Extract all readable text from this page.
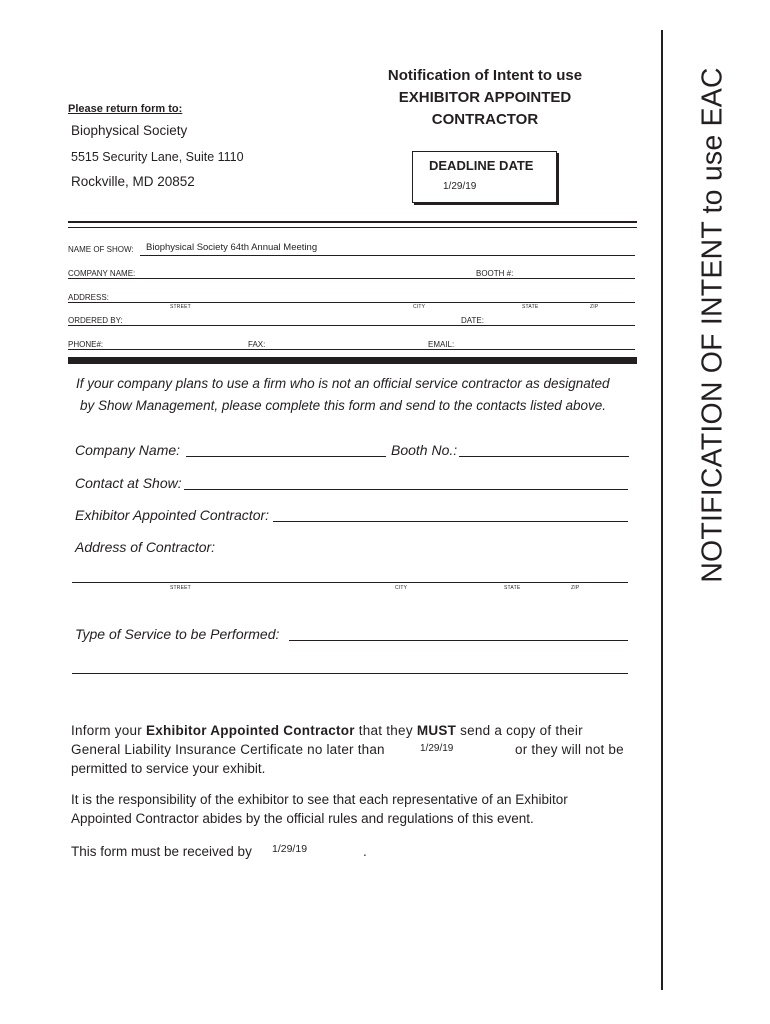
Please return form to:
Biophysical Society
5515 Security Lane, Suite 1110
Rockville, MD 20852
Notification of Intent to use
EXHIBITOR APPOINTED
CONTRACTOR
DEADLINE DATE
1/29/19	NOTIFICATION OF INTENT to use EAC
NAME OF SHOW: Biophysical Society 64th Annual Meeting
COMPANY NAME:	BOOTH #:
ADDRESS:
STREET	CITY	STATE	ZIP
ORDERED BY:	DATE:
PHONE#:	FAX:	EMAIL:
If your company plans to use a firm who is not an official service contractor as designated
by Show Management, please complete this form and send to the contacts listed above.
Company Name:	Booth No.:
Contact at Show:
Exhibitor Appointed Contractor:
Address of Contractor:
STREET	CITY	STATE	ZIP
Type of Service to be Performed:
Inform your Exhibitor Appointed Contractor that they MUST send a copy of their
General Liability Insurance Certificate no later than	1/29/19	or they will not be
permitted to service your exhibit.
It is the responsibility of the exhibitor to see that each representative of an Exhibitor
Appointed Contractor abides by the official rules and regulations of this event.
This form must be received by 1/29/19	.
